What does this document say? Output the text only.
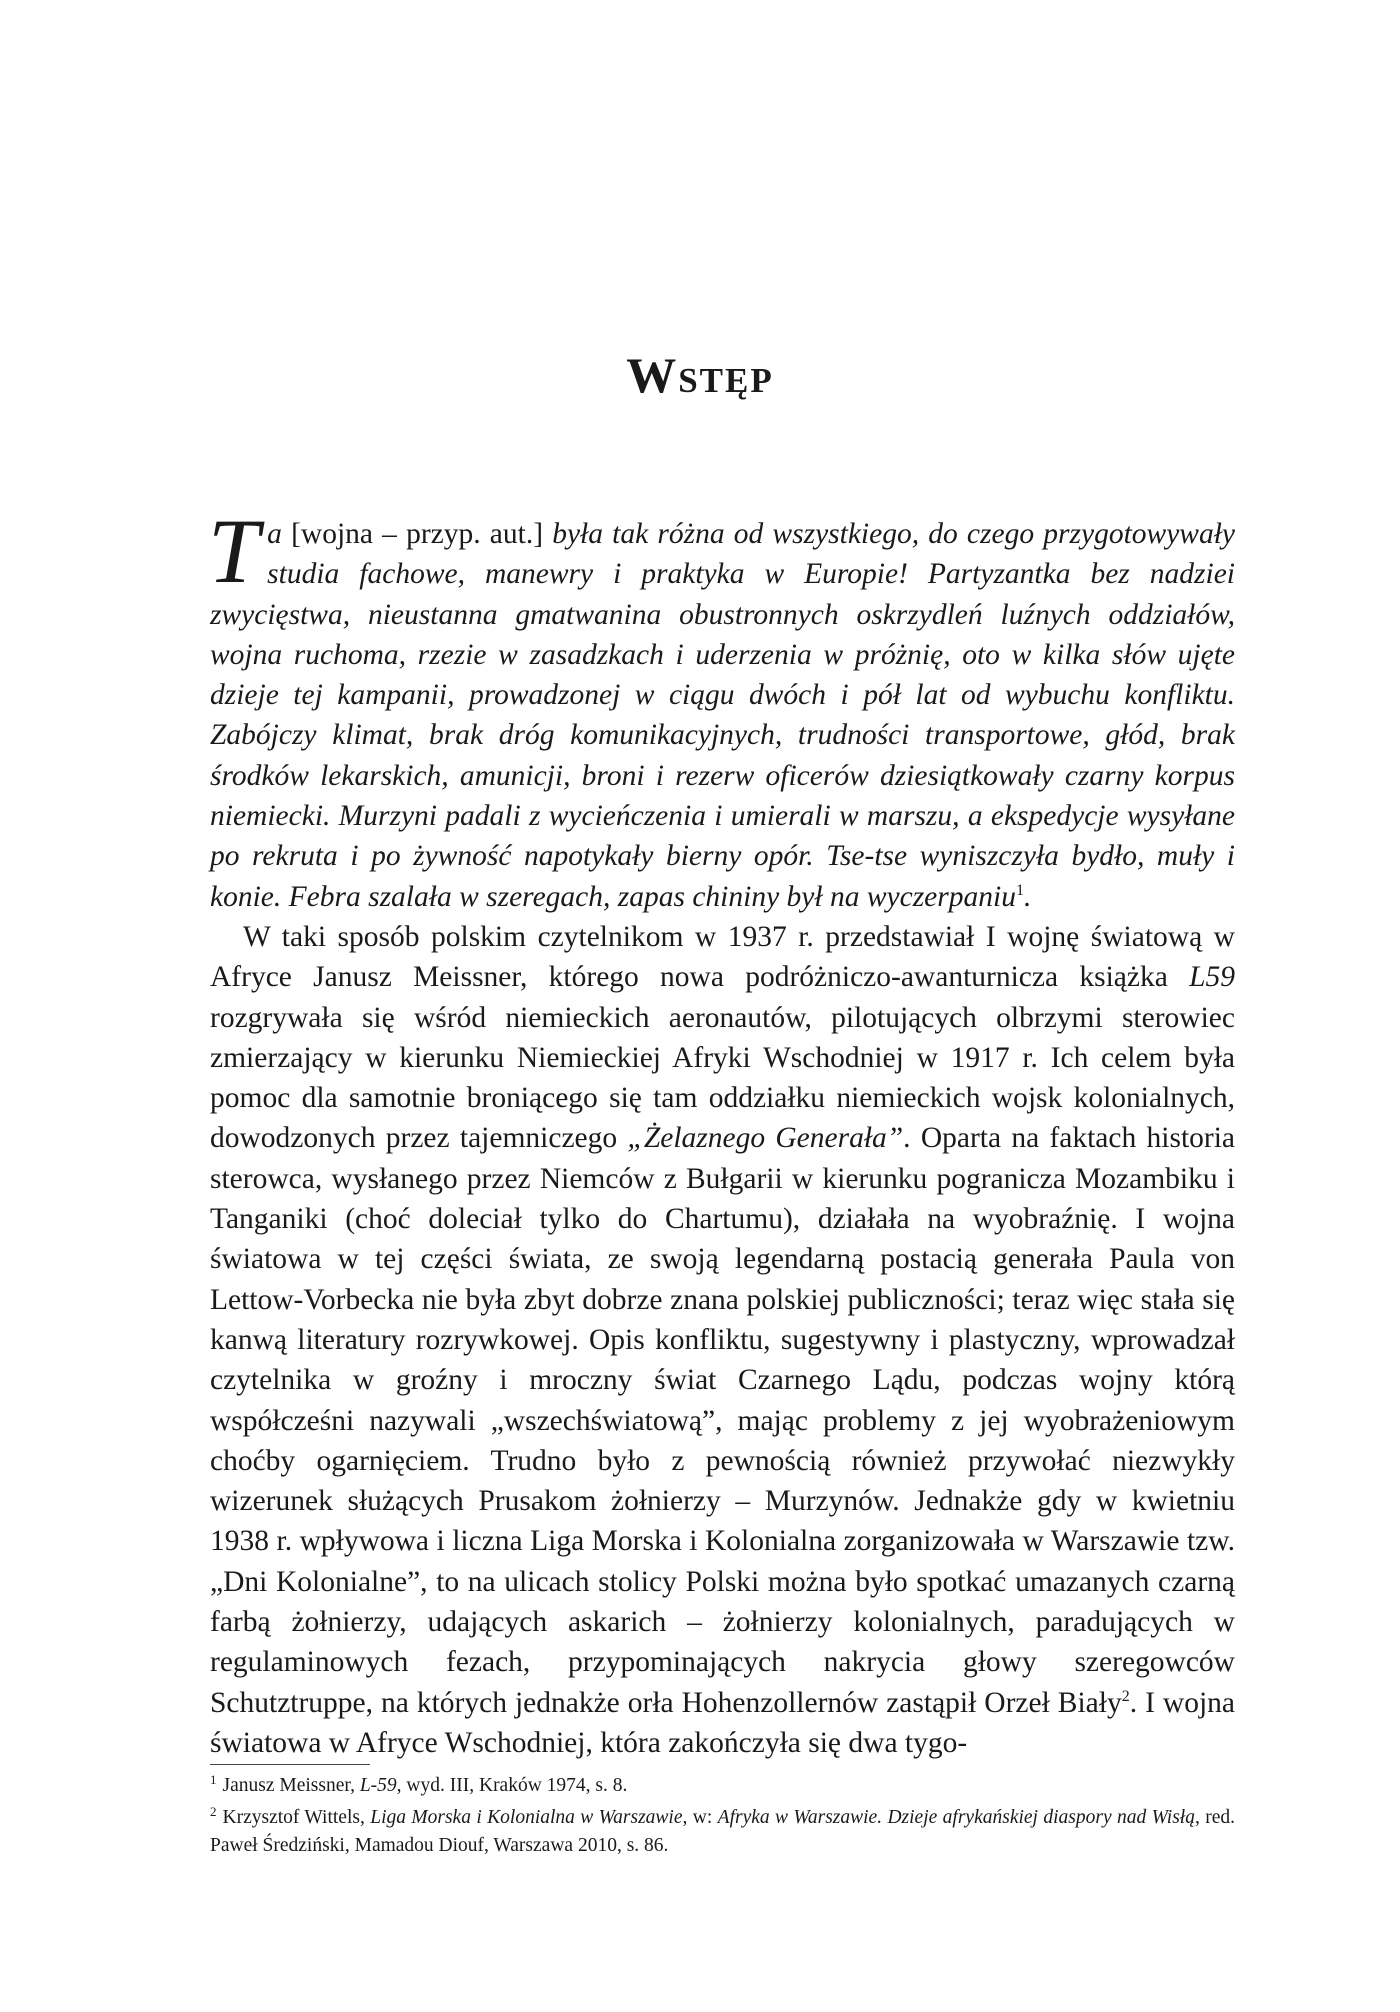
Wstęp

Ta [wojna – przyp. aut.] była tak różna od wszystkiego, do czego przygotowywały studia fachowe, manewry i praktyka w Europie! Partyzantka bez nadziei zwycięstwa, nieustanna gmatwanina obustronnych oskrzydleń luźnych oddziałów, wojna ruchoma, rzezie w zasadzkach i uderzenia w próżnię, oto w kilka słów ujęte dzieje tej kampanii, prowadzonej w ciągu dwóch i pół lat od wybuchu konfliktu. Zabójczy klimat, brak dróg komunikacyjnych, trudności transportowe, głód, brak środków lekarskich, amunicji, broni i rezerw oficerów dziesiątkowały czarny korpus niemiecki. Murzyni padali z wycieńczenia i umierali w marszu, a ekspedycje wysyłane po rekruta i po żywność napotykały bierny opór. Tse-tse wyniszczyła bydło, muły i konie. Febra szalała w szeregach, zapas chininy był na wyczerpaniu$^1$.

W taki sposób polskim czytelnikom w 1937 r. przedstawiał I wojnę światową w Afryce Janusz Meissner, którego nowa podróżniczo-awanturnicza książka L59 rozgrywała się wśród niemieckich aeronautów, pilotujących olbrzymi sterowiec zmierzający w kierunku Niemieckiej Afryki Wschodniej w 1917 r. Ich celem była pomoc dla samotnie broniącego się tam oddziałku niemieckich wojsk kolonialnych, dowodzonych przez tajemniczego „Żelaznego Generała”. Oparta na faktach historia sterowca, wysłanego przez Niemców z Bułgarii w kierunku pogranicza Mozambiku i Tanganiki (choć doleciał tylko do Chartumu), działała na wyobraźnię. I wojna światowa w tej części świata, ze swoją legendarną postacią generała Paula von Lettow-Vorbecka nie była zbyt dobrze znana polskiej publiczności; teraz więc stała się kanwą literatury rozrywkowej. Opis konfliktu, sugestywny i plastyczny, wprowadzał czytelnika w groźny i mroczny świat Czarnego Lądu, podczas wojny którą współcześni nazywali „wszechświatową”, mając problemy z jej wyobrażeniowym choćby ogarnięciem. Trudno było z pewnością również przywołać niezwykły wizerunek służących Prusakom żołnierzy – Murzynów. Jednakże gdy w kwietniu 1938 r. wpływowa i liczna Liga Morska i Kolonialna zorganizowała w Warszawie tzw. „Dni Kolonialne”, to na ulicach stolicy Polski można było spotkać umazanych czarną farbą żołnierzy, udających askarich – żołnierzy kolonialnych, paradujących w regulaminowych fezach, przypominających nakrycia głowy szeregowców Schutztruppe, na których jednakże orła Hohenzollernów zastąpił Orzeł Biały$^2$. I wojna światowa w Afryce Wschodniej, która zakończyła się dwa tygo-

$^1$ Janusz Meissner, L-59, wyd. III, Kraków 1974, s. 8.

$^2$ Krzysztof Wittels, Liga Morska i Kolonialna w Warszawie, w: Afryka w Warszawie. Dzieje afrykańskiej diaspory nad Wisłą, red. Paweł Średziński, Mamadou Diouf, Warszawa 2010, s. 86.
